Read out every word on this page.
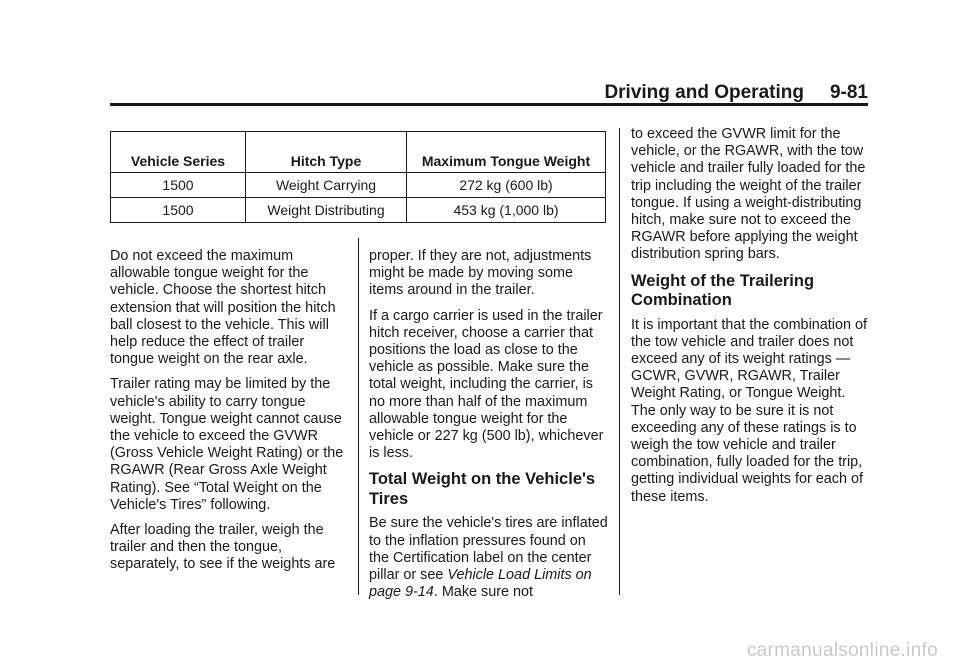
Driving and Operating 9-81
Vehicle Series	Hitch Type	Maximum Tongue Weight
1500	Weight Carrying	272 kg (600 lb)
1500	Weight Distributing	453 kg (1,000 lb)

Do not exceed the maximum allowable tongue weight for the vehicle. Choose the shortest hitch extension that will position the hitch ball closest to the vehicle. This will help reduce the effect of trailer tongue weight on the rear axle.

Trailer rating may be limited by the vehicle's ability to carry tongue weight. Tongue weight cannot cause the vehicle to exceed the GVWR (Gross Vehicle Weight Rating) or the RGAWR (Rear Gross Axle Weight Rating). See “Total Weight on the Vehicle's Tires” following.

After loading the trailer, weigh the trailer and then the tongue, separately, to see if the weights are

proper. If they are not, adjustments might be made by moving some items around in the trailer.

If a cargo carrier is used in the trailer hitch receiver, choose a carrier that positions the load as close to the vehicle as possible. Make sure the total weight, including the carrier, is no more than half of the maximum allowable tongue weight for the vehicle or 227 kg (500 lb), whichever is less.

Total Weight on the Vehicle's Tires

Be sure the vehicle's tires are inflated to the inflation pressures found on the Certification label on the center pillar or see Vehicle Load Limits on page 9-14. Make sure not

to exceed the GVWR limit for the vehicle, or the RGAWR, with the tow vehicle and trailer fully loaded for the trip including the weight of the trailer tongue. If using a weight-distributing hitch, make sure not to exceed the RGAWR before applying the weight distribution spring bars.

Weight of the Trailering Combination

It is important that the combination of the tow vehicle and trailer does not exceed any of its weight ratings — GCWR, GVWR, RGAWR, Trailer Weight Rating, or Tongue Weight. The only way to be sure it is not exceeding any of these ratings is to weigh the tow vehicle and trailer combination, fully loaded for the trip, getting individual weights for each of these items.

carmanualsonline.info
